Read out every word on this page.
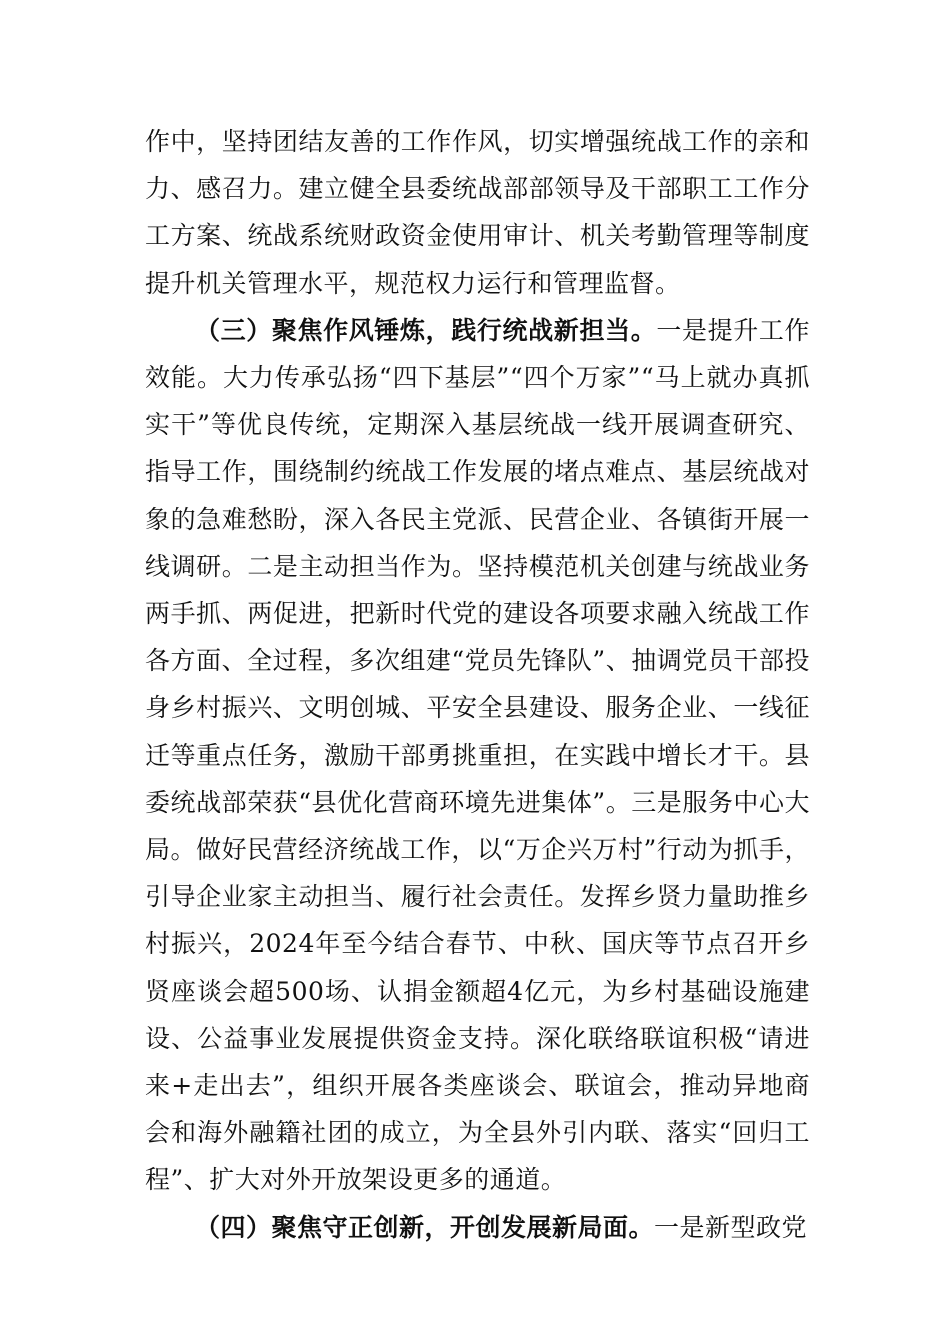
作中，坚持团结友善的工作作风，切实增强统战工作的亲和力、感召力。建立健全县委统战部部领导及干部职工工作分工方案、统战系统财政资金使用审计、机关考勤管理等制度提升机关管理水平，规范权力运行和管理监督。

（三）聚焦作风锤炼，践行统战新担当。一是提升工作效能。大力传承弘扬“四下基层”“四个万家”“马上就办真抓实干”等优良传统，定期深入基层统战一线开展调查研究、指导工作，围绕制约统战工作发展的堵点难点、基层统战对象的急难愁盼，深入各民主党派、民营企业、各镇街开展一线调研。二是主动担当作为。坚持模范机关创建与统战业务两手抓、两促进，把新时代党的建设各项要求融入统战工作各方面、全过程，多次组建“党员先锋队”、抽调党员干部投身乡村振兴、文明创城、平安全县建设、服务企业、一线征迁等重点任务，激励干部勇挑重担，在实践中增长才干。县委统战部荣获“县优化营商环境先进集体”。三是服务中心大局。做好民营经济统战工作，以“万企兴万村”行动为抓手，引导企业家主动担当、履行社会责任。发挥乡贤力量助推乡村振兴，2024年至今结合春节、中秋、国庆等节点召开乡贤座谈会超500场、认捐金额超4亿元，为乡村基础设施建设、公益事业发展提供资金支持。深化联络联谊积极“请进来+走出去”，组织开展各类座谈会、联谊会，推动异地商会和海外融籍社团的成立，为全县外引内联、落实“回归工程”、扩大对外开放架设更多的通道。

（四）聚焦守正创新，开创发展新局面。一是新型政党
